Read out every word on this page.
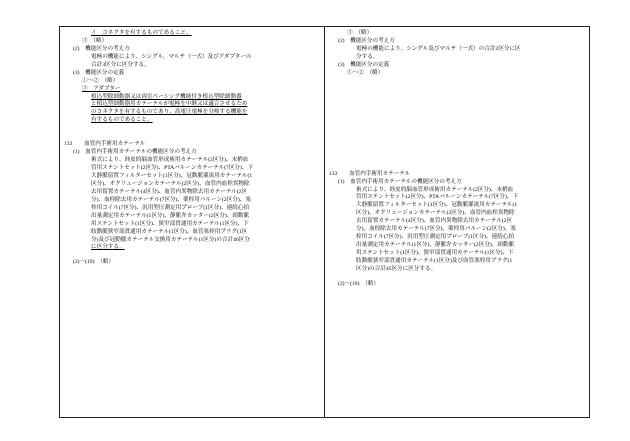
イ　コネクタを有するものであること。
③　（略）
(2)　機能区分の考え方
電極の機能により、シングル，マルチ（一式）及びアダプターの
合計3区分に区分する。
(3)　機能区分の定義
①～②　（略）
③　アダプター
植込型除細動器又は両室ペーシング機能付き植込型除細動器
と植込型細動器用カテーテルが電極を中継又は適合させるため
のコネクタを有するものであり、高電圧電極を分岐する機能を
有するものであること。
133	血管内手術用カテーテル
(1)　 血管内手術用カテーテルの機能区分の考え方
術式により、経皮的脳血管形成術用カテーテル(2区分)、末梢血
管用ステントセット(2区分)、PTAバルーンカテーテル(7区分)、下
大静脈留置フィルターセット(1区分)、冠動脈灌流用カテーテル(1
区分)、オクリュージョンカテーテル(2区分)、血管内血栓異物除
去用留置カテーテル(4区分)、血管内異物除去用カテーテル(2区
分)、血栓除去用カテーテル(7区分)、薬栓用バルーン(2区分)、塞
栓用コイル(7区分)、汎用型圧測定用プローブ(1区分)、連続心拍
出量測定用カテーテル(1区分)、静脈弁カッター(2区分)、頸動脈
用ステントセット(1区分)、狭窄部貫通用カテーテル(1区分)、下
肢動脈狭窄部貫通用カテーテル(1区分)、血管塞栓用プラグ(1区
分)及び冠動脈カテーテル交換用カテーテル(1区分)の合計46区分
に区分する。
(2)～(19)　（略）

③　（略）
(2)　機能区分の考え方
電極の機能により、シングル及びマルチ（一式）の合計2区分に区
分する。
(3)　機能区分の定義
①～②　（略）
133	血管内手術用カテーテル
(1)　 血管内手術用カテーテルの機能区分の考え方
術式により、経皮的脳血管形成術用カテーテル(2区分)、末梢血
管用ステントセット(2区分)、PTAバルーンカテーテル(7区分)、下
大静脈留置フィルターセット(1区分)、冠動脈灌流用カテーテル(1
区分)、オクリュージョンカテーテル(2区分)、血管内血栓異物除
去用留置カテーテル(4区分)、血管内異物除去用カテーテル(2区
分)、血栓除去用カテーテル(7区分)、薬栓用バルーン(2区分)、塞
栓用コイル(7区分)、汎用型圧測定用プローブ(1区分)、連続心拍
出量測定用カテーテル(1区分)、静脈弁カッター(2区分)、頸動脈
用ステントセット(1区分)、狭窄部貫通用カテーテル(1区分)、下
肢動脈狭窄部貫通用カテーテル(1区分)及び血管塞栓用プラグ(1
区分)の合計45区分に区分する。
(2)～(19)　（略）
